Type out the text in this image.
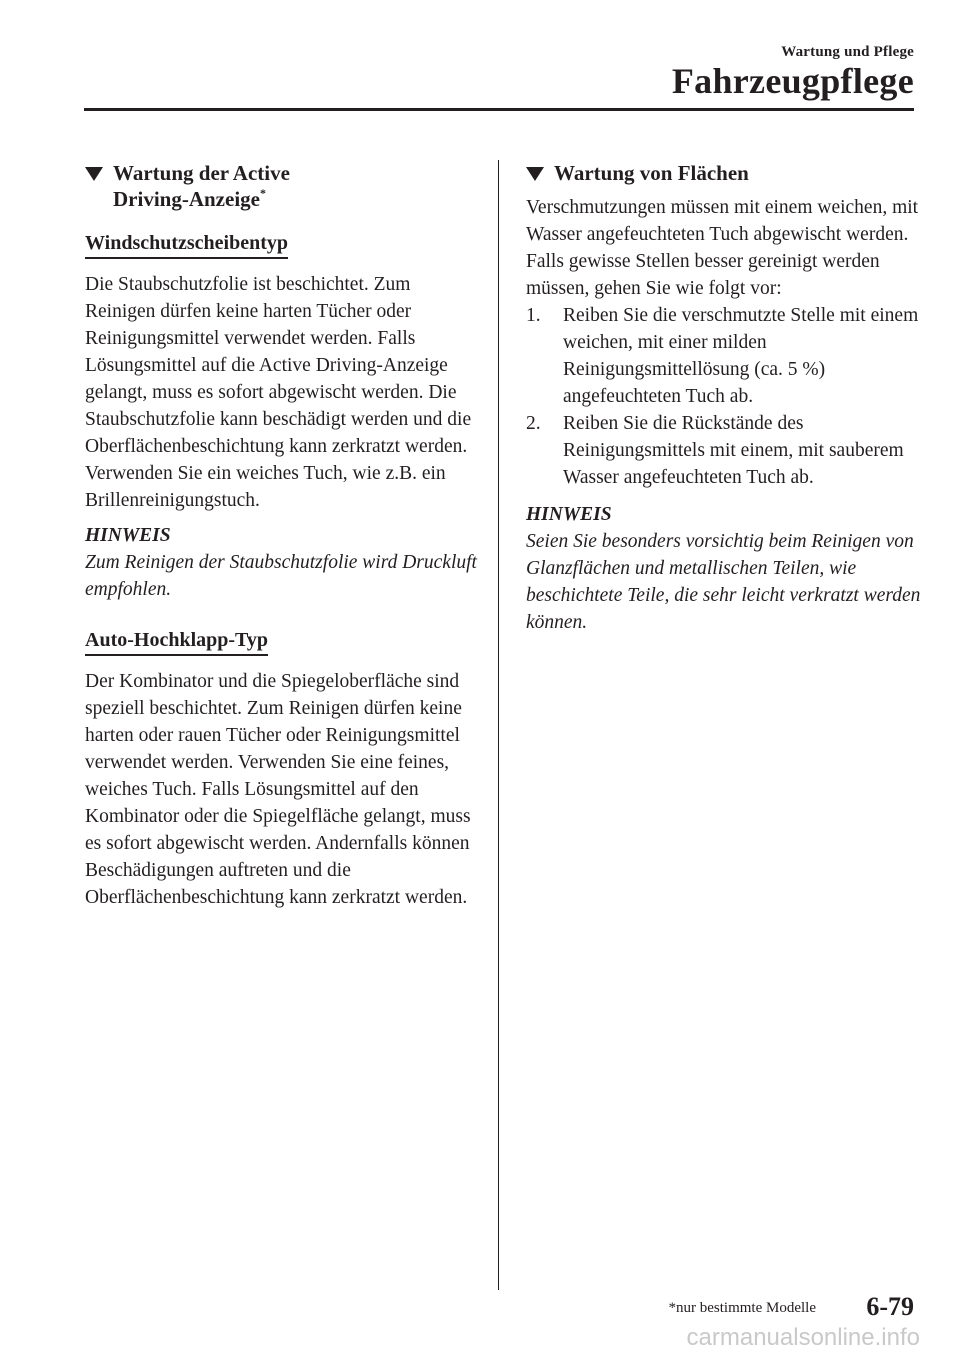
Wartung und Pflege
Fahrzeugpflege
Wartung der Active
Driving-Anzeige*
Windschutzscheibentyp

Die Staubschutzfolie ist beschichtet. Zum Reinigen dürfen keine harten Tücher oder Reinigungsmittel verwendet werden. Falls Lösungsmittel auf die Active Driving-Anzeige gelangt, muss es sofort abgewischt werden. Die Staubschutzfolie kann beschädigt werden und die Oberflächenbeschichtung kann zerkratzt werden. Verwenden Sie ein weiches Tuch, wie z.B. ein Brillenreinigungstuch.

HINWEIS

Zum Reinigen der Staubschutzfolie wird Druckluft empfohlen.

Auto-Hochklapp-Typ

Der Kombinator und die Spiegeloberfläche sind speziell beschichtet. Zum Reinigen dürfen keine harten oder rauen Tücher oder Reinigungsmittel verwendet werden. Verwenden Sie eine feines, weiches Tuch. Falls Lösungsmittel auf den Kombinator oder die Spiegelfläche gelangt, muss es sofort abgewischt werden. Andernfalls können Beschädigungen auftreten und die Oberflächenbeschichtung kann zerkratzt werden.

Wartung von Flächen

Verschmutzungen müssen mit einem weichen, mit Wasser angefeuchteten Tuch abgewischt werden.

Falls gewisse Stellen besser gereinigt werden müssen, gehen Sie wie folgt vor:

1. Reiben Sie die verschmutzte Stelle mit einem weichen, mit einer milden Reinigungsmittellösung (ca. 5 %) angefeuchteten Tuch ab.
2. Reiben Sie die Rückstände des Reinigungsmittels mit einem, mit sauberem Wasser angefeuchteten Tuch ab.
HINWEIS

Seien Sie besonders vorsichtig beim Reinigen von Glanzflächen und metallischen Teilen, wie beschichtete Teile, die sehr leicht verkratzt werden können.

*nur bestimmte Modelle 6-79
carmanualsonline.info
